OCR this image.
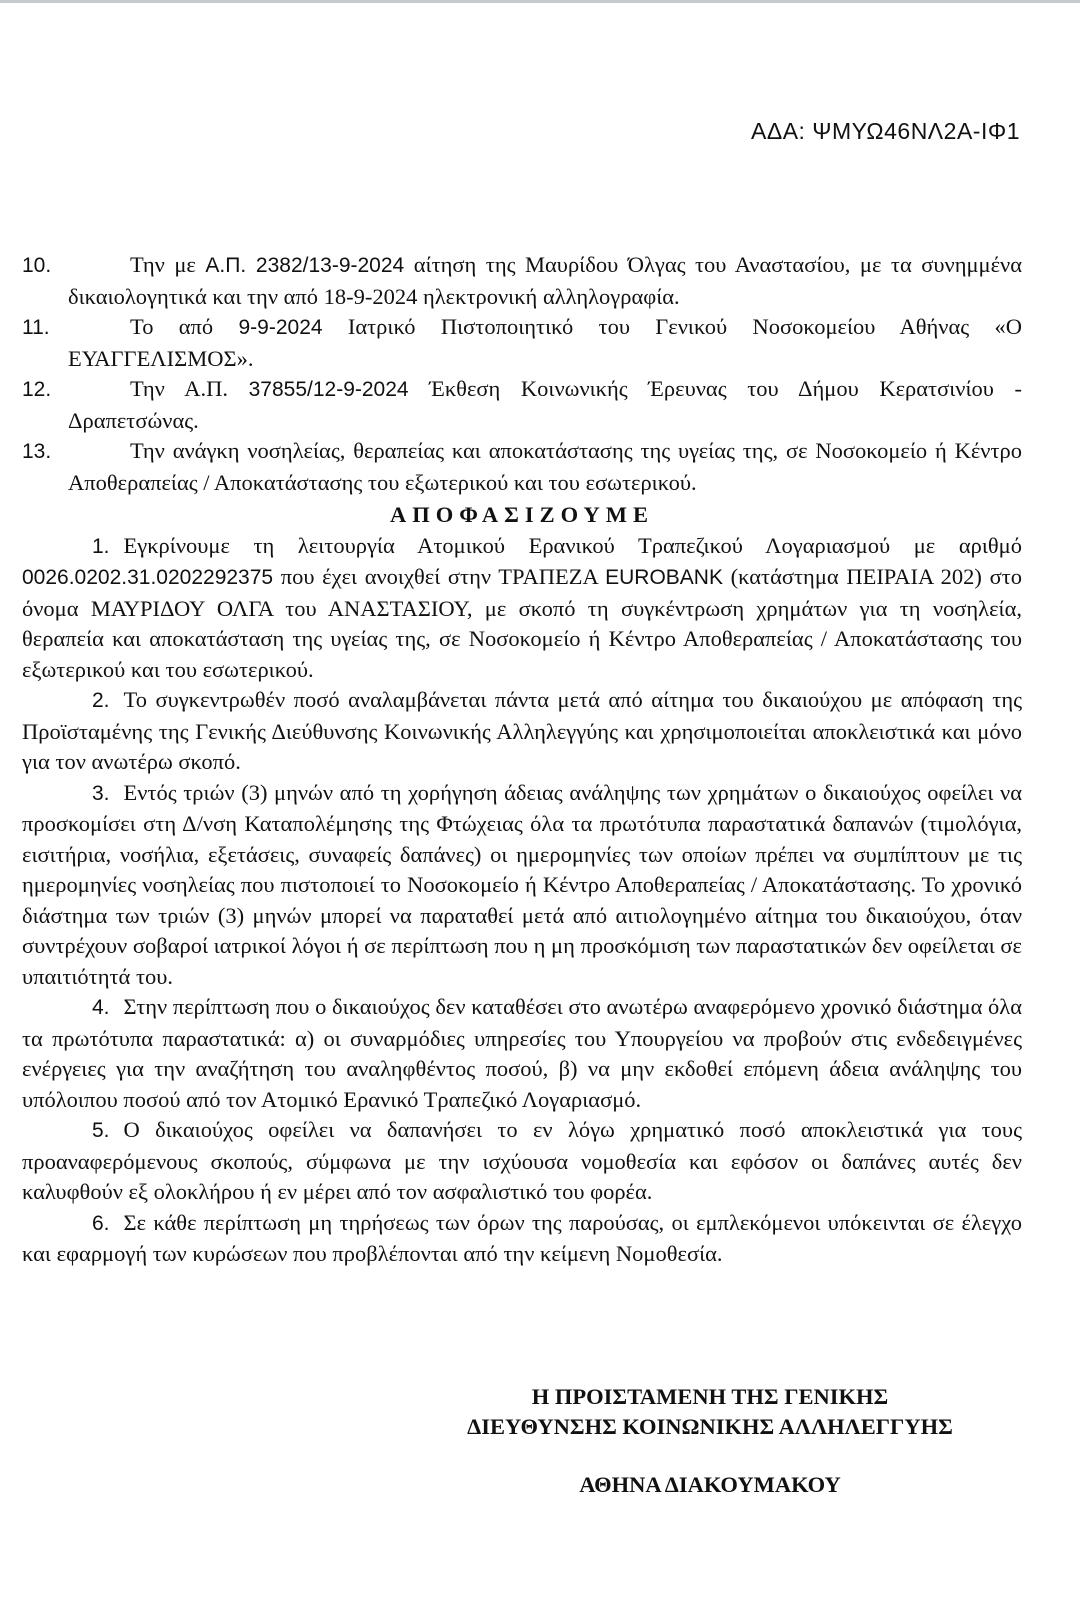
ΑΔΑ: ΨΜΥΩ46ΝΛ2Α-ΙΦ1
10.	Την με Α.Π. 2382/13-9-2024 αίτηση της Μαυρίδου Όλγας του Αναστασίου, με τα συνημμένα δικαιολογητικά και την από 18-9-2024 ηλεκτρονική αλληλογραφία.
11.	Το από 9-9-2024 Ιατρικό Πιστοποιητικό του Γενικού Νοσοκομείου Αθήνας «Ο ΕΥΑΓΓΕΛΙΣΜΟΣ».
12.	Την Α.Π. 37855/12-9-2024 Έκθεση Κοινωνικής Έρευνας του Δήμου Κερατσινίου - Δραπετσώνας.
13.	Την ανάγκη νοσηλείας, θεραπείας και αποκατάστασης της υγείας της, σε Νοσοκομείο ή Κέντρο Αποθεραπείας / Αποκατάστασης του εξωτερικού και του εσωτερικού.
ΑΠΟΦΑΣΙΖΟΥΜΕ
1. Εγκρίνουμε τη λειτουργία Ατομικού Ερανικού Τραπεζικού Λογαριασμού με αριθμό 0026.0202.31.0202292375 που έχει ανοιχθεί στην ΤΡΑΠΕΖΑ EUROBANK (κατάστημα ΠΕΙΡΑΙΑ 202) στο όνομα ΜΑΥΡΙΔΟΥ ΟΛΓΑ του ΑΝΑΣΤΑΣΙΟΥ, με σκοπό τη συγκέντρωση χρημάτων για τη νοσηλεία, θεραπεία και αποκατάσταση της υγείας της, σε Νοσοκομείο ή Κέντρο Αποθεραπείας / Αποκατάστασης του εξωτερικού και του εσωτερικού.
2. Το συγκεντρωθέν ποσό αναλαμβάνεται πάντα μετά από αίτημα του δικαιούχου με απόφαση της Προϊσταμένης της Γενικής Διεύθυνσης Κοινωνικής Αλληλεγγύης και χρησιμοποιείται αποκλειστικά και μόνο για τον ανωτέρω σκοπό.
3. Εντός τριών (3) μηνών από τη χορήγηση άδειας ανάληψης των χρημάτων ο δικαιούχος οφείλει να προσκομίσει στη Δ/νση Καταπολέμησης της Φτώχειας όλα τα πρωτότυπα παραστατικά δαπανών (τιμολόγια, εισιτήρια, νοσήλια, εξετάσεις, συναφείς δαπάνες) οι ημερομηνίες των οποίων πρέπει να συμπίπτουν με τις ημερομηνίες νοσηλείας που πιστοποιεί το Νοσοκομείο ή Κέντρο Αποθεραπείας / Αποκατάστασης. Το χρονικό διάστημα των τριών (3) μηνών μπορεί να παραταθεί μετά από αιτιολογημένο αίτημα του δικαιούχου, όταν συντρέχουν σοβαροί ιατρικοί λόγοι ή σε περίπτωση που η μη προσκόμιση των παραστατικών δεν οφείλεται σε υπαιτιότητά του.
4. Στην περίπτωση που ο δικαιούχος δεν καταθέσει στο ανωτέρω αναφερόμενο χρονικό διάστημα όλα τα πρωτότυπα παραστατικά: α) οι συναρμόδιες υπηρεσίες του Υπουργείου να προβούν στις ενδεδειγμένες ενέργειες για την αναζήτηση του αναληφθέντος ποσού, β) να μην εκδοθεί επόμενη άδεια ανάληψης του υπόλοιπου ποσού από τον Ατομικό Ερανικό Τραπεζικό Λογαριασμό.
5. Ο δικαιούχος οφείλει να δαπανήσει το εν λόγω χρηματικό ποσό αποκλειστικά για τους προαναφερόμενους σκοπούς, σύμφωνα με την ισχύουσα νομοθεσία και εφόσον οι δαπάνες αυτές δεν καλυφθούν εξ ολοκλήρου ή εν μέρει από τον ασφαλιστικό του φορέα.
6. Σε κάθε περίπτωση μη τηρήσεως των όρων της παρούσας, οι εμπλεκόμενοι υπόκεινται σε έλεγχο και εφαρμογή των κυρώσεων που προβλέπονται από την κείμενη Νομοθεσία.
Η ΠΡΟΙΣΤΑΜΕΝΗ ΤΗΣ ΓΕΝΙΚΗΣ
ΔΙΕΥΘΥΝΣΗΣ ΚΟΙΝΩΝΙΚΗΣ ΑΛΛΗΛΕΓΓΥΗΣ
ΑΘΗΝΑ ΔΙΑΚΟΥΜΑΚΟΥ
